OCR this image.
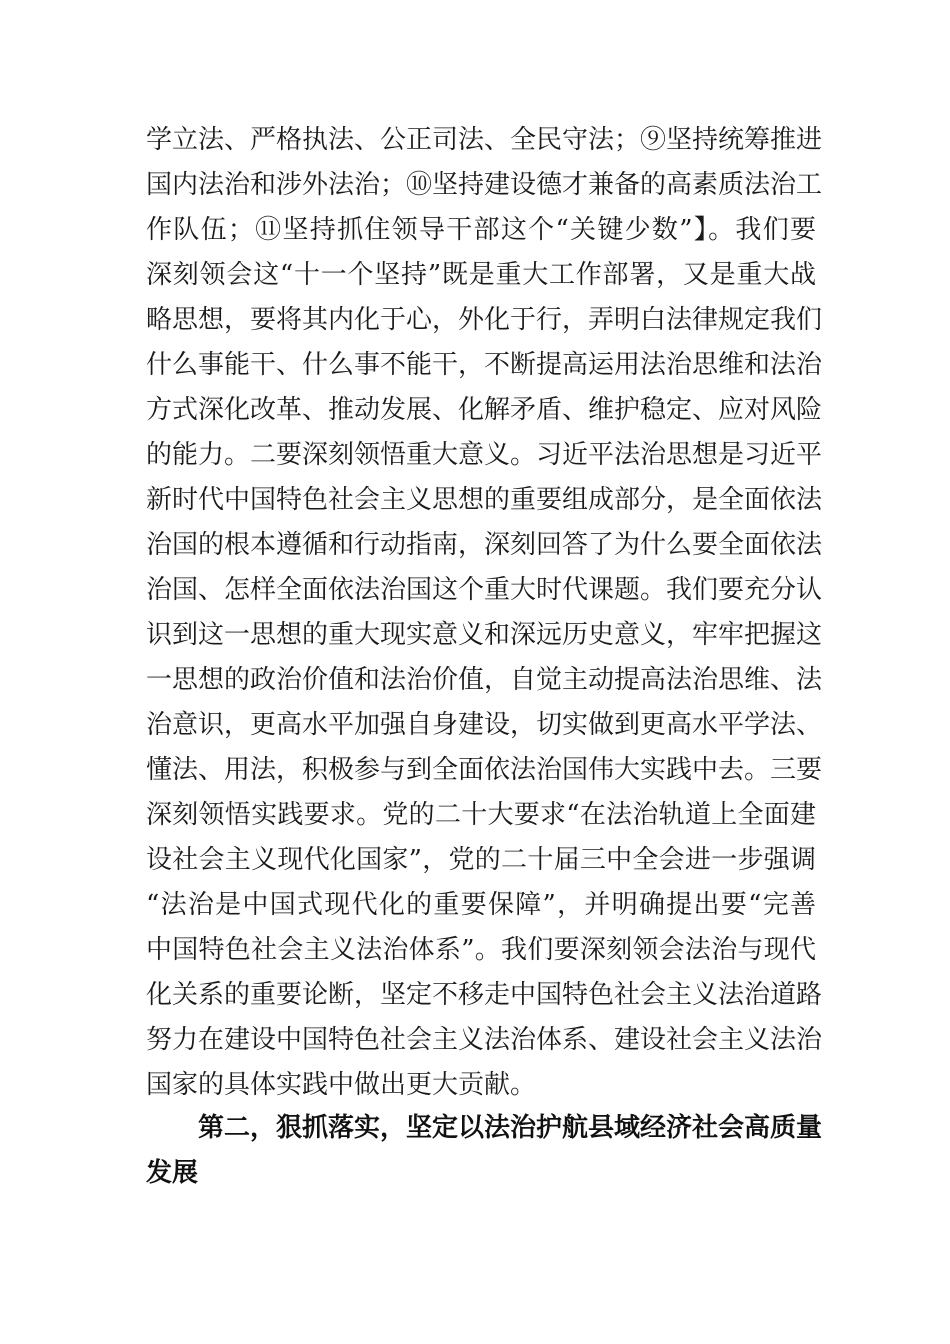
学立法、严格执法、公正司法、全民守法；⑨坚持统筹推进
国内法治和涉外法治；⑩坚持建设德才兼备的高素质法治工
作队伍；⑪坚持抓住领导干部这个“关键少数”】。我们要
深刻领会这“十一个坚持”既是重大工作部署，又是重大战
略思想，要将其内化于心，外化于行，弄明白法律规定我们
什么事能干、什么事不能干，不断提高运用法治思维和法治
方式深化改革、推动发展、化解矛盾、维护稳定、应对风险
的能力。二要深刻领悟重大意义。习近平法治思想是习近平
新时代中国特色社会主义思想的重要组成部分，是全面依法
治国的根本遵循和行动指南，深刻回答了为什么要全面依法
治国、怎样全面依法治国这个重大时代课题。我们要充分认
识到这一思想的重大现实意义和深远历史意义，牢牢把握这
一思想的政治价值和法治价值，自觉主动提高法治思维、法
治意识，更高水平加强自身建设，切实做到更高水平学法、
懂法、用法，积极参与到全面依法治国伟大实践中去。三要
深刻领悟实践要求。党的二十大要求“在法治轨道上全面建
设社会主义现代化国家”，党的二十届三中全会进一步强调
“法治是中国式现代化的重要保障”，并明确提出要“完善
中国特色社会主义法治体系”。我们要深刻领会法治与现代
化关系的重要论断，坚定不移走中国特色社会主义法治道路
努力在建设中国特色社会主义法治体系、建设社会主义法治
国家的具体实践中做出更大贡献。
第二，狠抓落实，坚定以法治护航县域经济社会高质量
发展
